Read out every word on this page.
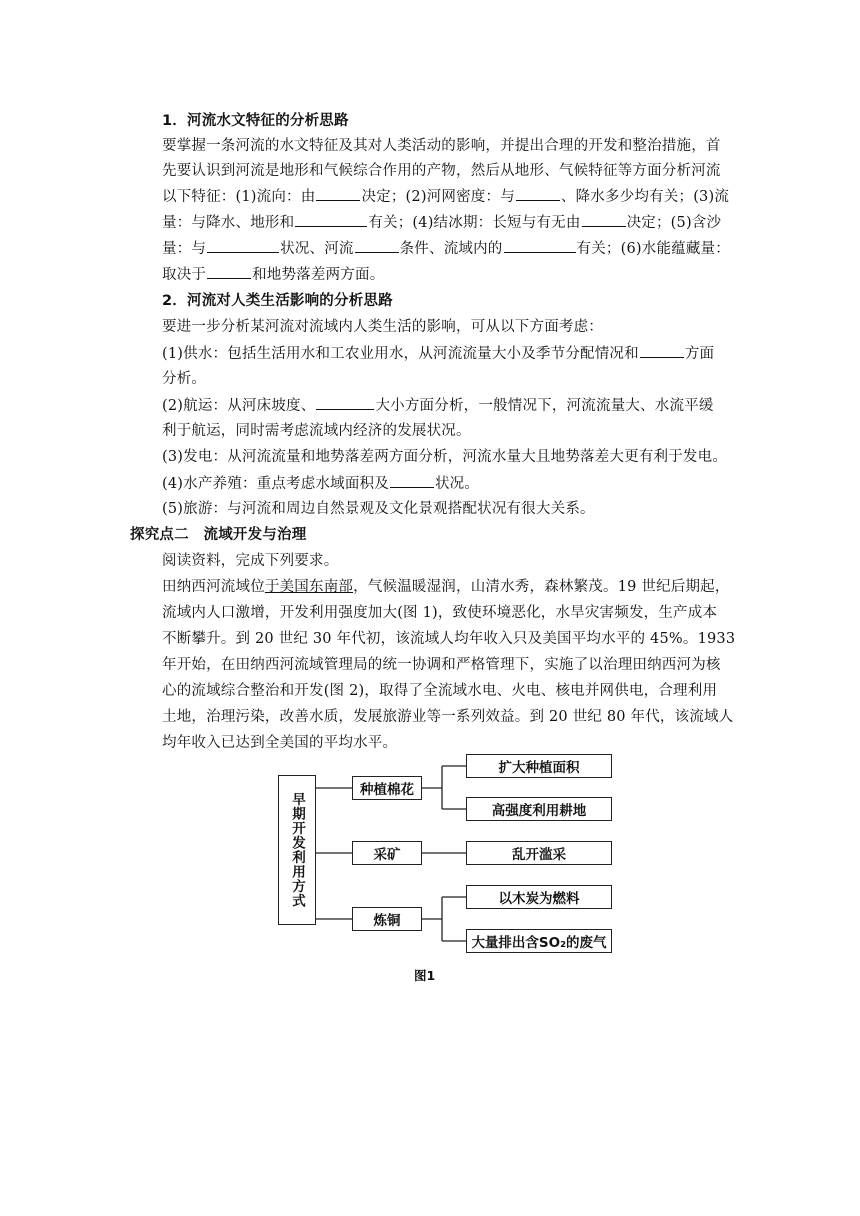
1．河流水文特征的分析思路
要掌握一条河流的水文特征及其对人类活动的影响，并提出合理的开发和整治措施，首
先要认识到河流是地形和气候综合作用的产物，然后从地形、气候特征等方面分析河流
以下特征：(1)流向：由	决定；(2)河网密度：与	、降水多少均有关；(3)流
量：与降水、地形和	有关；(4)结冰期：长短与有无由	决定；(5)含沙
量：与	状况、河流	条件、流域内的	有关；(6)水能蕴藏量：
取决于	和地势落差两方面。
2．河流对人类生活影响的分析思路
要进一步分析某河流对流域内人类生活的影响，可从以下方面考虑：
(1)供水：包括生活用水和工农业用水，从河流流量大小及季节分配情况和	方面
分析。
(2)航运：从河床坡度、	大小方面分析，一般情况下，河流流量大、水流平缓
利于航运，同时需考虑流域内经济的发展状况。
(3)发电：从河流流量和地势落差两方面分析，河流水量大且地势落差大更有利于发电。
(4)水产养殖：重点考虑水域面积及	状况。
(5)旅游：与河流和周边自然景观及文化景观搭配状况有很大关系。
探究点二　流域开发与治理
阅读资料，完成下列要求。
田纳西河流域位于美国东南部，气候温暖湿润，山清水秀，森林繁茂。19 世纪后期起，
流域内人口激增，开发利用强度加大(图 1)，致使环境恶化，水旱灾害频发，生产成本
不断攀升。到 20 世纪 30 年代初，该流域人均年收入只及美国平均水平的 45%。1933
年开始，在田纳西河流域管理局的统一协调和严格管理下，实施了以治理田纳西河为核
心的流域综合整治和开发(图 2)，取得了全流域水电、火电、核电并网供电，合理利用
土地，治理污染，改善水质，发展旅游业等一系列效益。到 20 世纪 80 年代，该流域人
均年收入已达到全美国的平均水平。
早期开发利用方式
种植棉花
采矿
炼铜
扩大种植面积
高强度利用耕地
乱开滥采
以木炭为燃料
大量排出含SO₂的废气
图1
